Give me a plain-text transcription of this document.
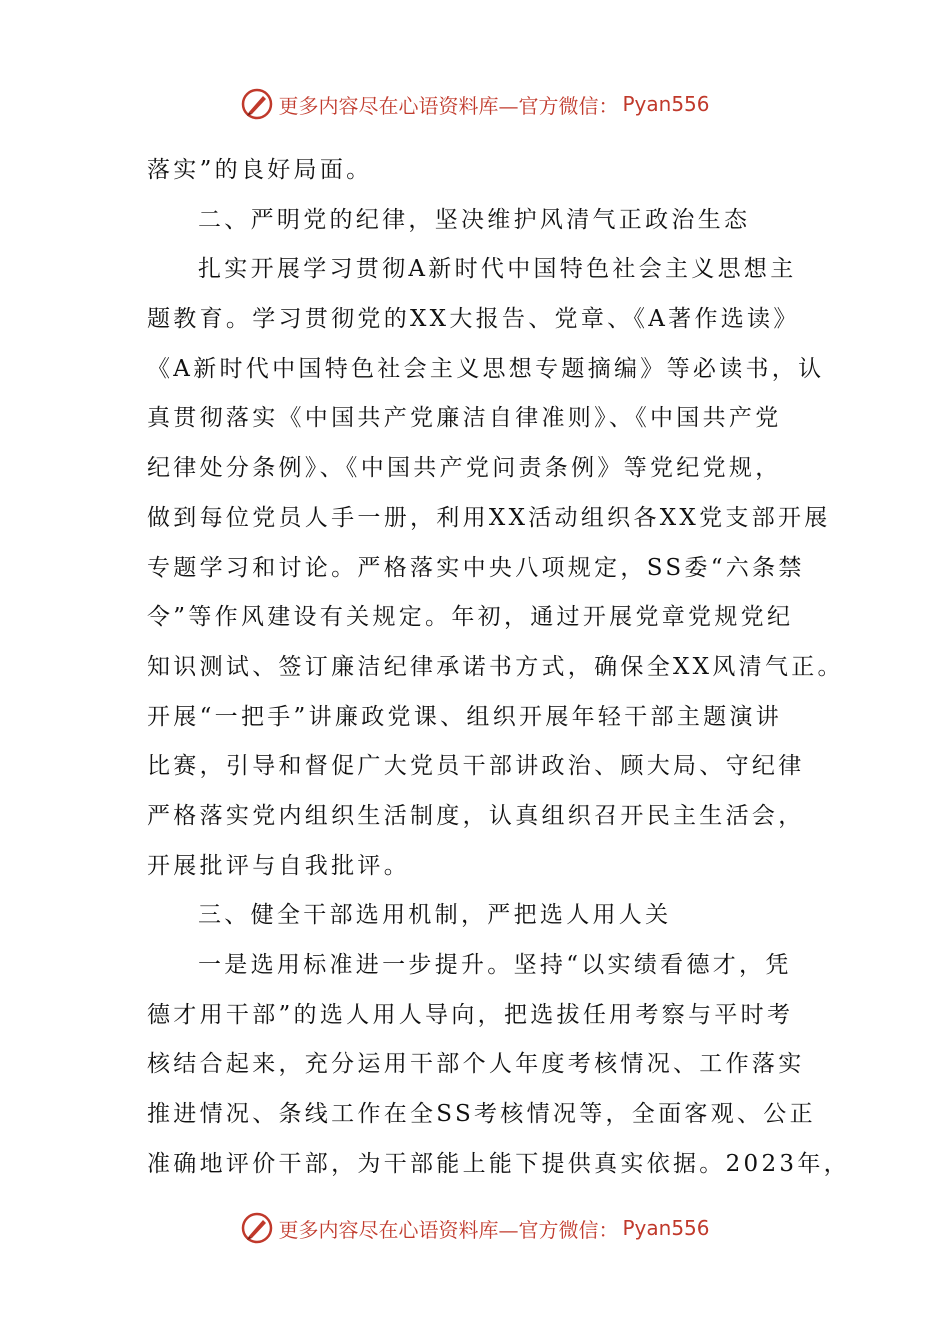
更多内容尽在心语资料库—官方微信： Pyan556
落实”的良好局面。
二、严明党的纪律，坚决维护风清气正政治生态
扎实开展学习贯彻A新时代中国特色社会主义思想主
题教育。学习贯彻党的XX大报告、党章、《A著作选读》
《A新时代中国特色社会主义思想专题摘编》等必读书，认
真贯彻落实《中国共产党廉洁自律准则》、《中国共产党
纪律处分条例》、《中国共产党问责条例》等党纪党规，
做到每位党员人手一册，利用XX活动组织各XX党支部开展
专题学习和讨论。严格落实中央八项规定，SS委“六条禁
令”等作风建设有关规定。年初，通过开展党章党规党纪
知识测试、签订廉洁纪律承诺书方式，确保全XX风清气正。
开展“一把手”讲廉政党课、组织开展年轻干部主题演讲
比赛，引导和督促广大党员干部讲政治、顾大局、守纪律
严格落实党内组织生活制度，认真组织召开民主生活会，
开展批评与自我批评。
三、健全干部选用机制，严把选人用人关
一是选用标准进一步提升。坚持“以实绩看德才，凭
德才用干部”的选人用人导向，把选拔任用考察与平时考
核结合起来，充分运用干部个人年度考核情况、工作落实
推进情况、条线工作在全SS考核情况等，全面客观、公正
准确地评价干部，为干部能上能下提供真实依据。2023年，
更多内容尽在心语资料库—官方微信： Pyan556
